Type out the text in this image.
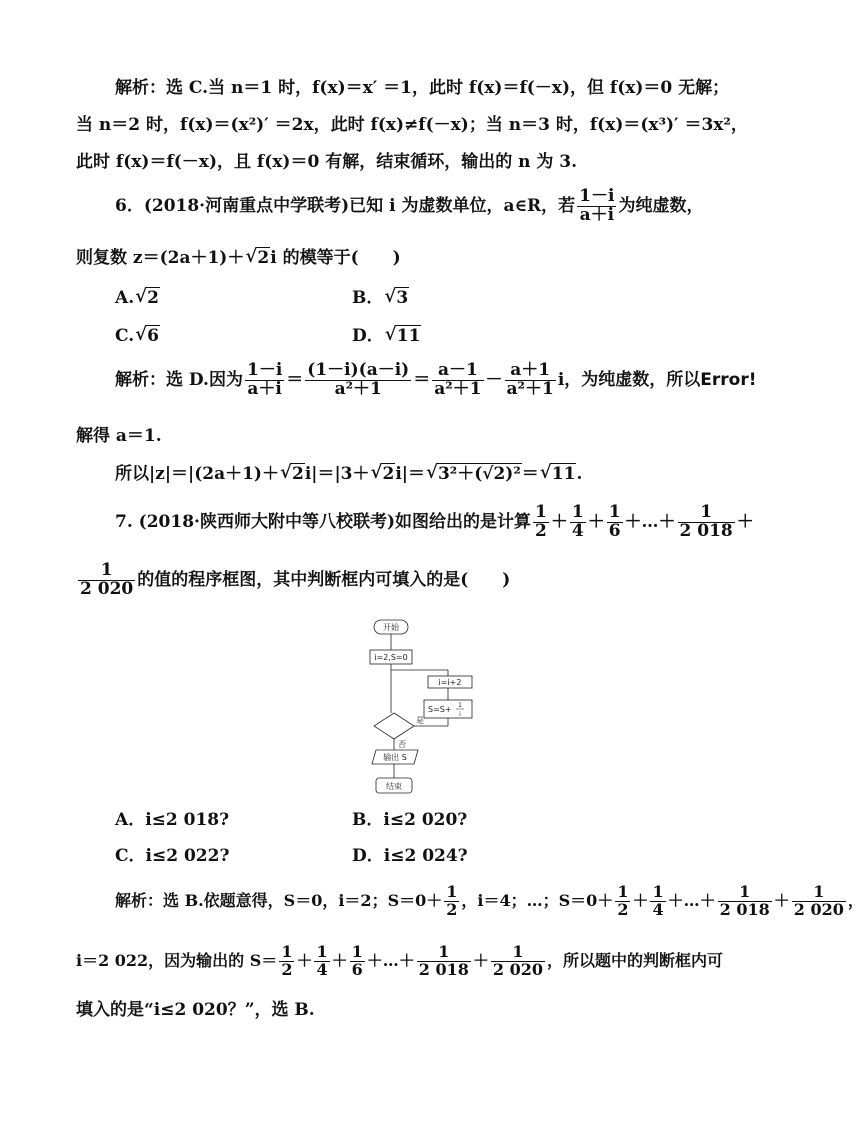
解析：选 C.当 n＝1 时，f(x)＝x′ ＝1，此时 f(x)＝f(－x)，但 f(x)＝0 无解；
当 n＝2 时，f(x)＝(x²)′ ＝2x，此时 f(x)≠f(－x)；当 n＝3 时，f(x)＝(x³)′ ＝3x²，
此时 f(x)＝f(－x)，且 f(x)＝0 有解，结束循环，输出的 n 为 3.
6．(2018·河南重点中学联考)已知 i 为虚数单位，a∈R，若 $\frac{1-i}{a+i}$ 为纯虚数，
则复数 z＝(2a＋1)＋ √ 2i 的模等于(　　)
A. √ 2	B． √ 3
C. √ 6	D． √ 11
解析：选 D.因为 $\frac{1-i}{a+i} = \frac{(1-i)(a-i)}{\text{a²＋1}} = \frac{a-1}{\text{a²＋1}} - \frac{a+1}{\text{a²＋1}}$ i，为纯虚数，所以Error!
解得 a＝1.
所以|z|＝|(2a＋1)＋ √ 2i|＝|3＋ √ 2i|＝ √ 3²＋(√2)²＝ √ 11.
7. (2018·陕西师大附中等八校联考)如图给出的是计算 $\frac{1}{2} + \frac{1}{4} + \frac{1}{6}$ ＋…＋ $\frac{1}{2 018}$ ＋
$\frac{1}{2 020}$ 的值的程序框图，其中判断框内可填入的是(　　)
开始
i=2,S=0
i=i+2
S=S+ 1
i
是
否
输出 S
结束
A．i≤2 018?	B．i≤2 020?
C．i≤2 022?	D．i≤2 024?
解析：选 B.依题意得，S＝0，i＝2；$S=0+ \frac{1}{2}$ ，i＝4；…；$S=0+ \frac{1}{2} + \frac{1}{4}$ ＋…＋ $\frac{1}{2 018} + \frac{1}{2 020}$ ，
i＝2 022，因为输出的 $S= \frac{1}{2} + \frac{1}{4} + \frac{1}{6}$ ＋…＋ $\frac{1}{2 018} + \frac{1}{2 020}$ ，所以题中的判断框内可
填入的是“i≤2 020？”，选 B.
